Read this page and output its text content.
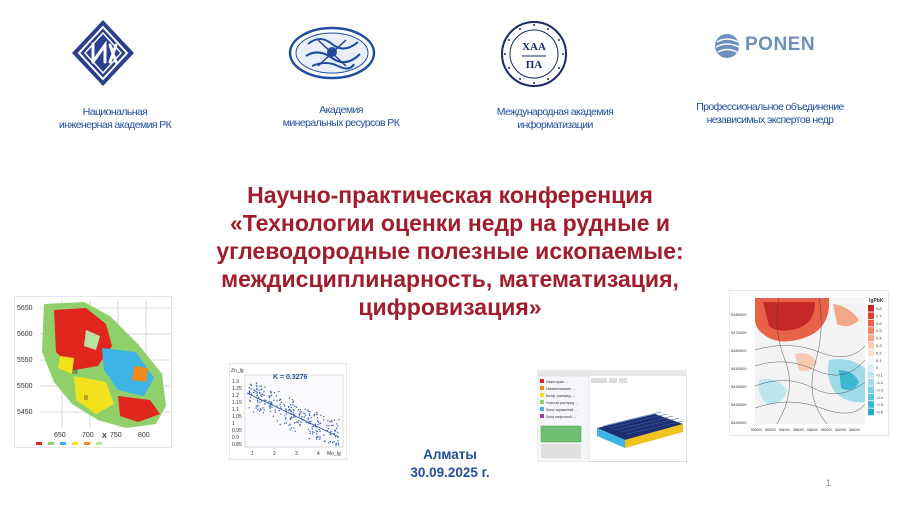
ХАА
ΠА
PONEN
Национальная
инженерная академия РК
Академия
минеральных ресурсов РК
Международная академия
информатизации
Профессиональное объединение
независимых экспертов недр
Научно-практическая конференция
«Технологии оценки недр на рудные и
углеводородные полезные ископаемые:
междисциплинарность, математизация,
цифровизация»
II
III
5650
5600
5550
5500
5450
650 700 750 800
X
Zn_lg
K = 0.3276
1.3
1.25
1.2
1.15
1.1
1.05
1
0.95
0.9
0.85
1	2	3	4 Mo_lg
Некоторые …
Наименование …
Коэф. распред …
Участки распред …
Зона заражений …
Зона нефтяной …
5480000
5470000
5460000
5450000
5440000
5430000
5420000
550000 552000 554000 556000 558000 560000 562000 564000
lgPbK
0.8
0.7
0.6
0.5
0.4
0.3
0.2
0.1
0
-0.1
-0.2
-0.3
-0.4
-0.5
-0.6
Алматы
30.09.2025 г.
1
